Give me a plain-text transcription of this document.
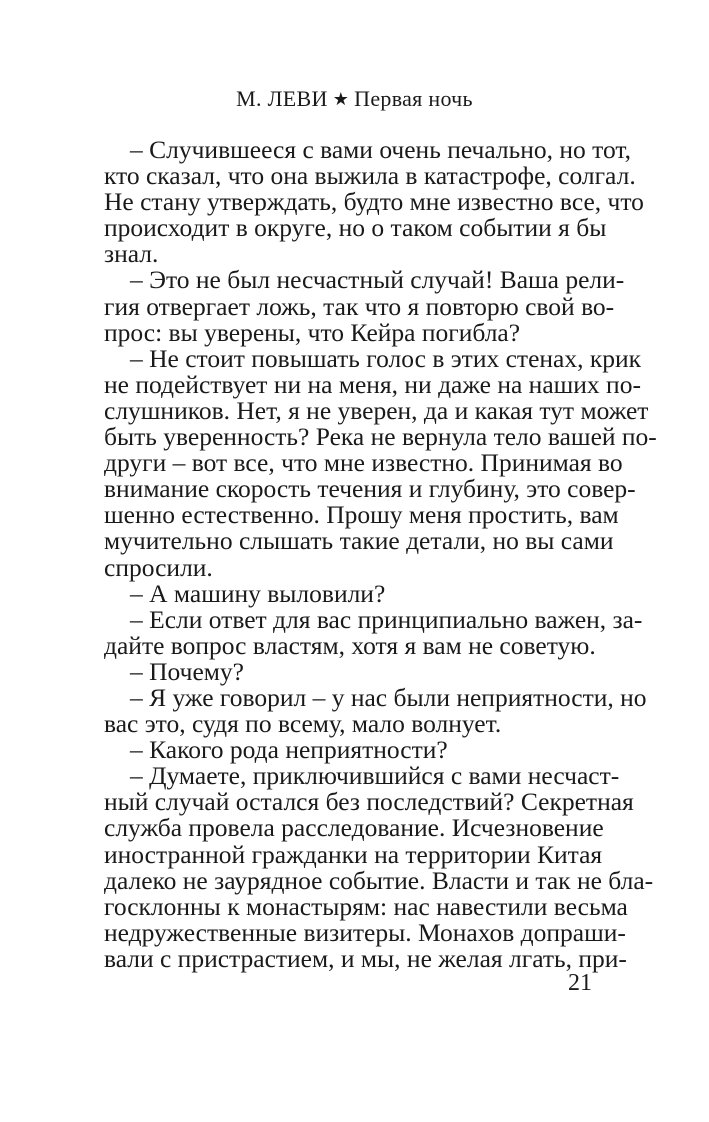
М. ЛЕВИ ★ Первая ночь
– Случившееся с вами очень печально, но тот,
кто сказал, что она выжила в катастрофе, солгал.
Не стану утверждать, будто мне известно все, что
происходит в округе, но о таком событии я бы
знал.
– Это не был несчастный случай! Ваша рели-
гия отвергает ложь, так что я повторю свой во-
прос: вы уверены, что Кейра погибла?
– Не стоит повышать голос в этих стенах, крик
не подействует ни на меня, ни даже на наших по-
слушников. Нет, я не уверен, да и какая тут может
быть уверенность? Река не вернула тело вашей по-
други – вот все, что мне известно. Принимая во
внимание скорость течения и глубину, это совер-
шенно естественно. Прошу меня простить, вам
мучительно слышать такие детали, но вы сами
спросили.
– А машину выловили?
– Если ответ для вас принципиально важен, за-
дайте вопрос властям, хотя я вам не советую.
– Почему?
– Я уже говорил – у нас были неприятности, но
вас это, судя по всему, мало волнует.
– Какого рода неприятности?
– Думаете, приключившийся с вами несчаст-
ный случай остался без последствий? Секретная
служба провела расследование. Исчезновение
иностранной гражданки на территории Китая
далеко не заурядное событие. Власти и так не бла-
госклонны к монастырям: нас навестили весьма
недружественные визитеры. Монахов допраши-
вали с пристрастием, и мы, не желая лгать, при-
21
